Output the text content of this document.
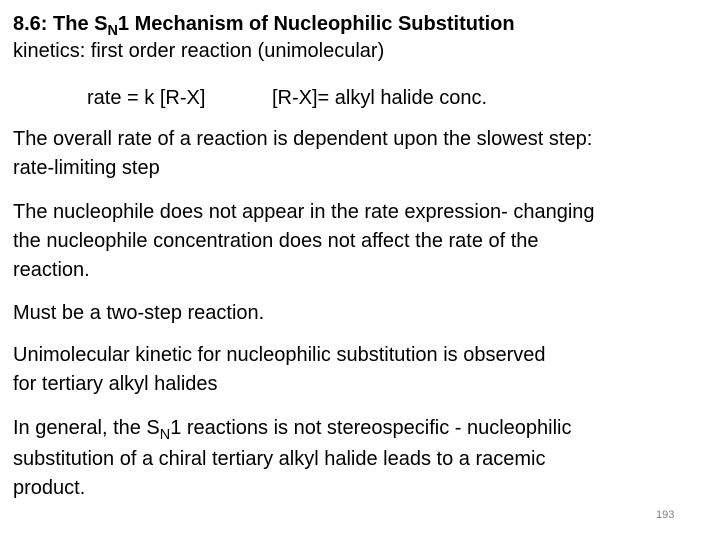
8.6: The $S_N1$ Mechanism of Nucleophilic Substitution
kinetics: first order reaction (unimolecular)
rate = k [R-X]	[R-X]= alkyl halide conc.
The overall rate of a reaction is dependent upon the slowest step:
rate-limiting step
The nucleophile does not appear in the rate expression- changing
the nucleophile concentration does not affect the rate of the
reaction.
Must be a two-step reaction.
Unimolecular kinetic for nucleophilic substitution is observed
for tertiary alkyl halides
In general, the $S_N1$ reactions is not stereospecific - nucleophilic
substitution of a chiral tertiary alkyl halide leads to a racemic
product.
193
